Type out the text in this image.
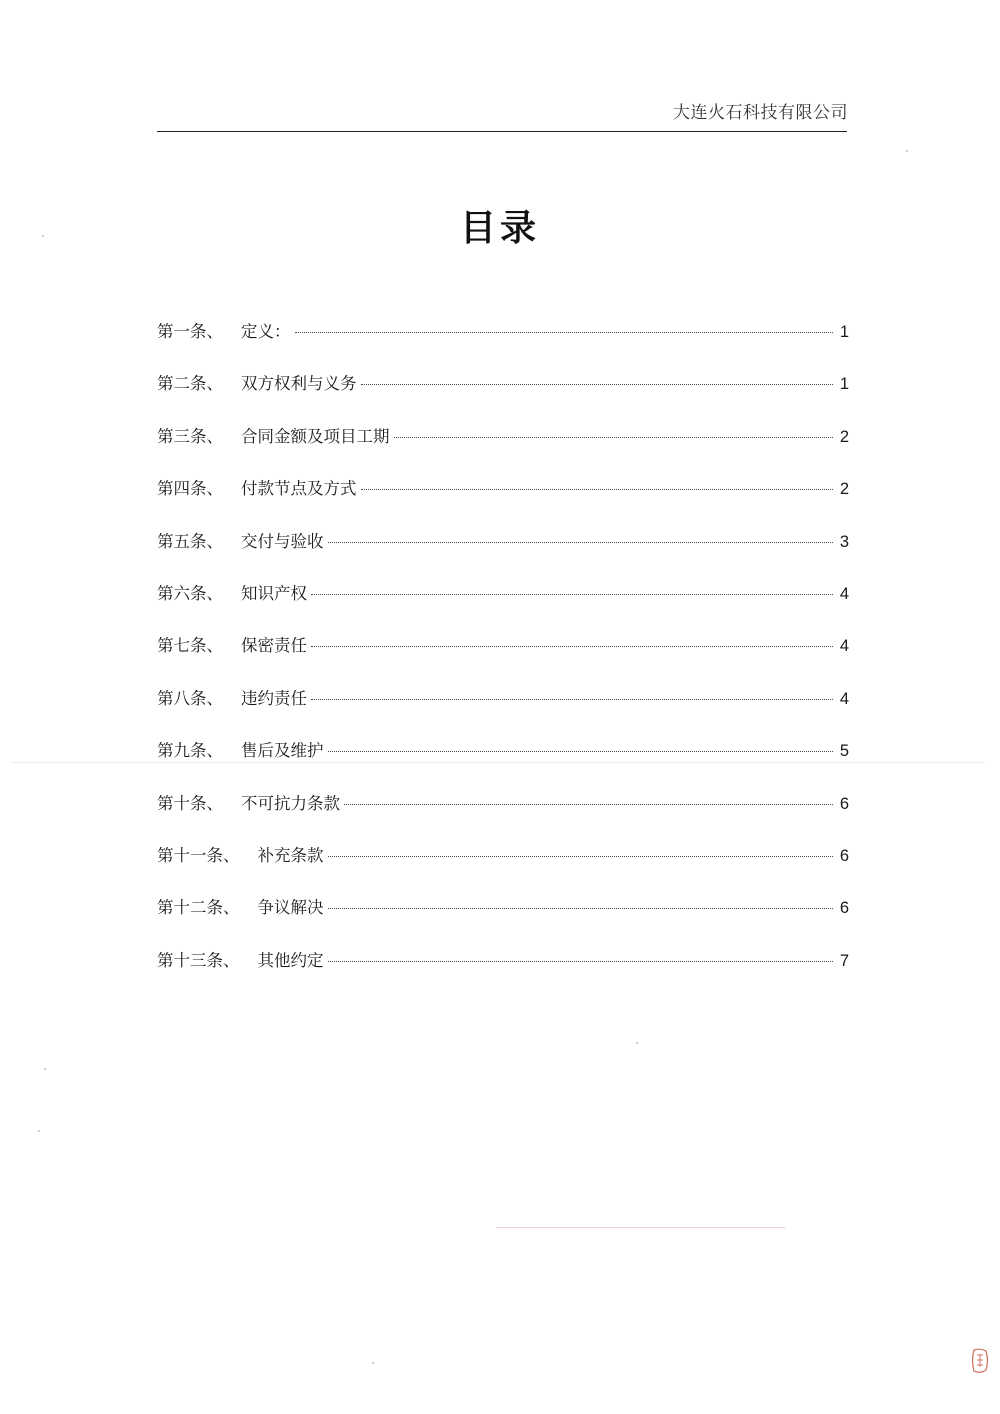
大连火石科技有限公司
目录
第一条、	定义：	1
第二条、	双方权利与义务	1
第三条、	合同金额及项目工期	2
第四条、	付款节点及方式	2
第五条、	交付与验收	3
第六条、	知识产权	4
第七条、	保密责任	4
第八条、	违约责任	4
第九条、	售后及维护	5
第十条、	不可抗力条款	6
第十一条、	补充条款	6
第十二条、	争议解决	6
第十三条、	其他约定	7
